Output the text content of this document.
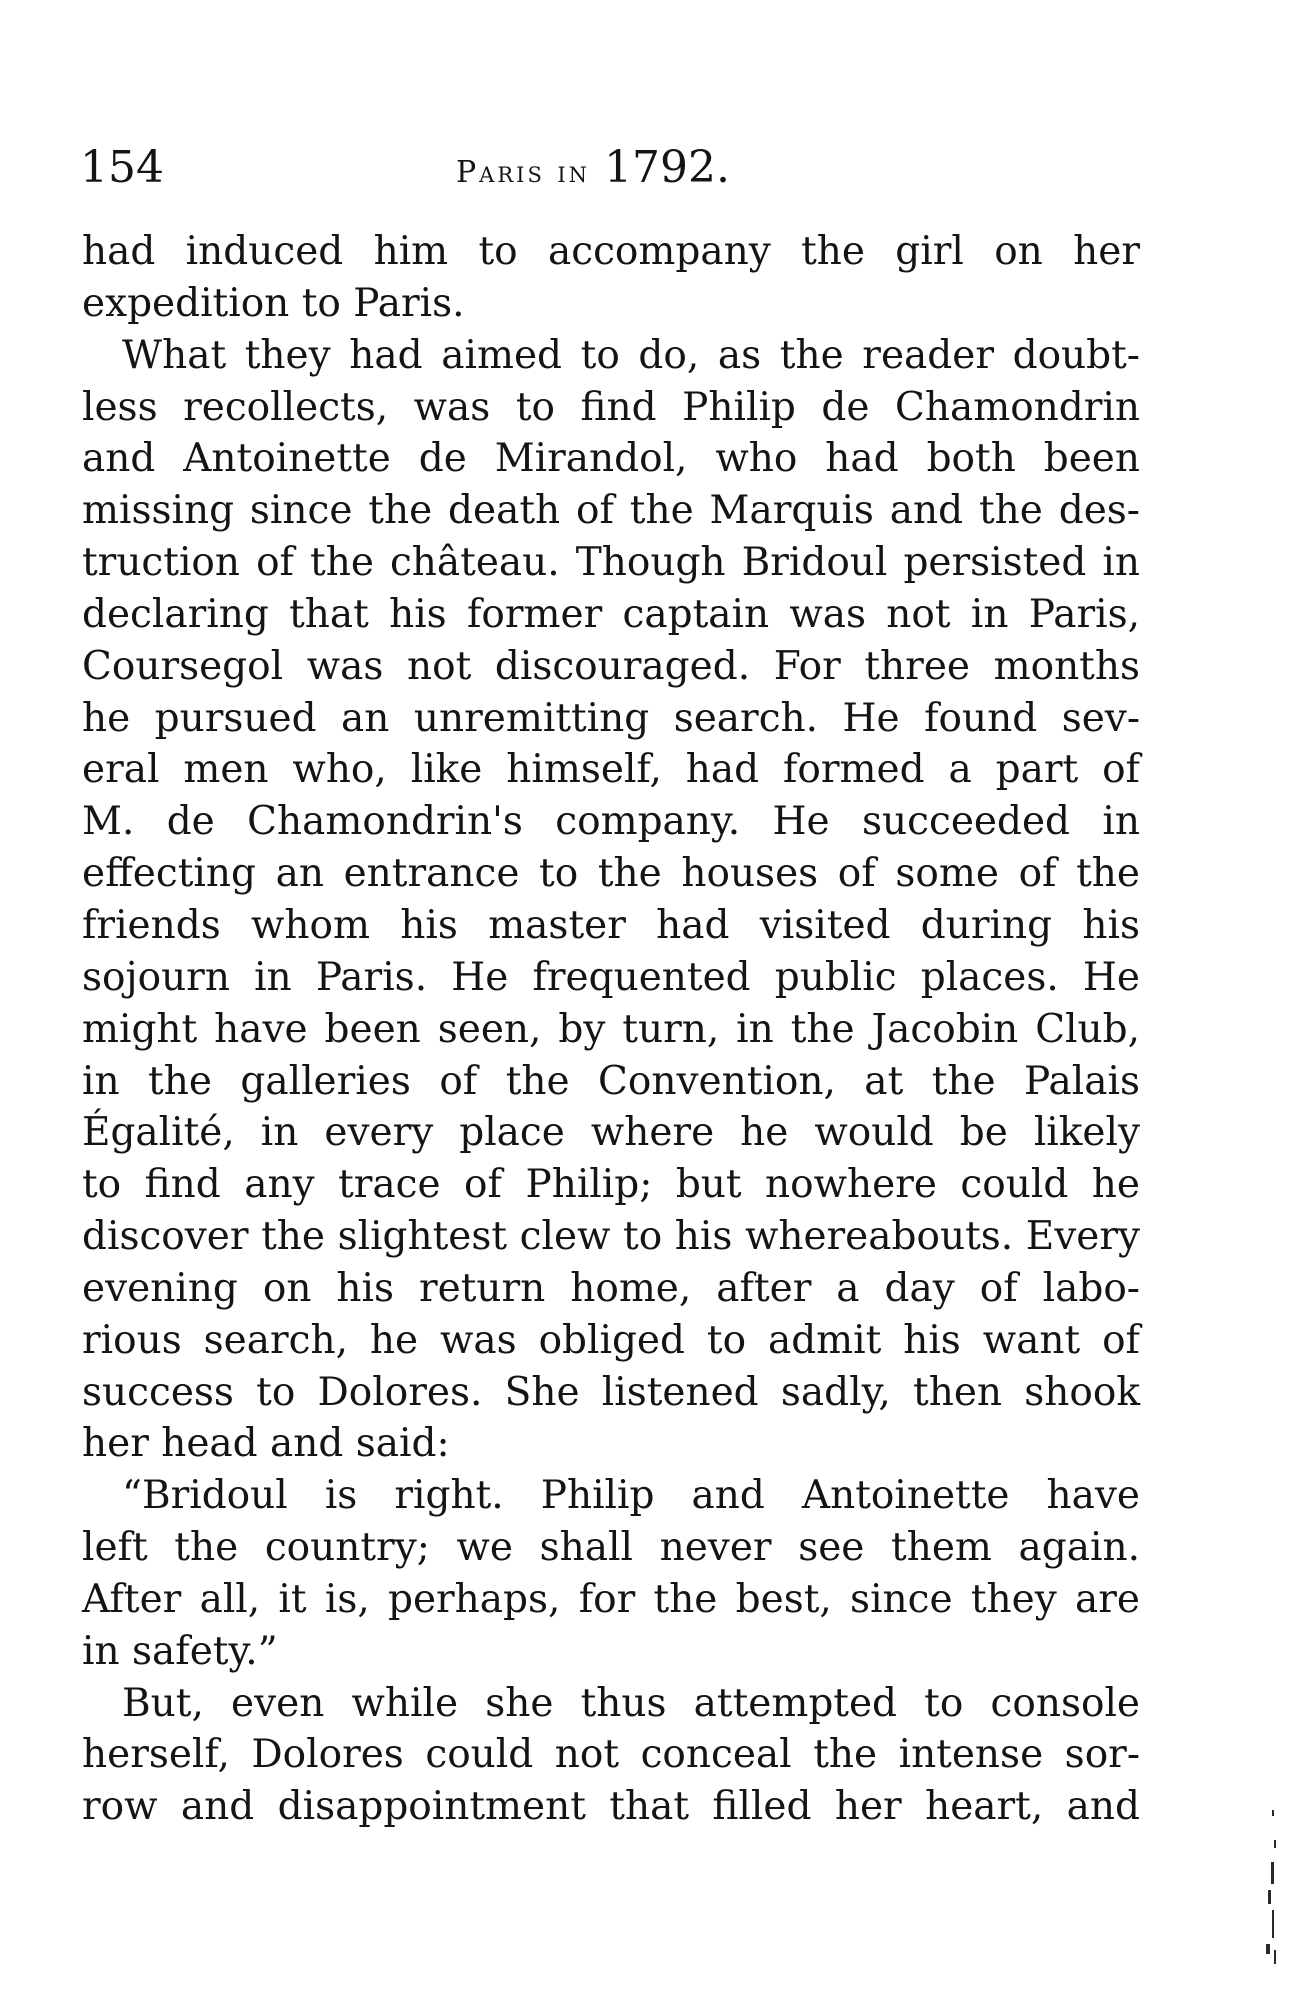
154	Paris in 1792.
had induced him to accompany the girl on her
expedition to Paris.
What they had aimed to do, as the reader doubt-
less recollects, was to find Philip de Chamondrin
and Antoinette de Mirandol, who had both been
missing since the death of the Marquis and the des-
truction of the château. Though Bridoul persisted in
declaring that his former captain was not in Paris,
Coursegol was not discouraged. For three months
he pursued an unremitting search. He found sev-
eral men who, like himself, had formed a part of
M. de Chamondrin's company. He succeeded in
effecting an entrance to the houses of some of the
friends whom his master had visited during his
sojourn in Paris. He frequented public places. He
might have been seen, by turn, in the Jacobin Club,
in the galleries of the Convention, at the Palais
Égalité, in every place where he would be likely
to find any trace of Philip; but nowhere could he
discover the slightest clew to his whereabouts. Every
evening on his return home, after a day of labo-
rious search, he was obliged to admit his want of
success to Dolores. She listened sadly, then shook
her head and said:
“Bridoul is right. Philip and Antoinette have
left the country; we shall never see them again.
After all, it is, perhaps, for the best, since they are
in safety.”
But, even while she thus attempted to console
herself, Dolores could not conceal the intense sor-
row and disappointment that filled her heart, and
